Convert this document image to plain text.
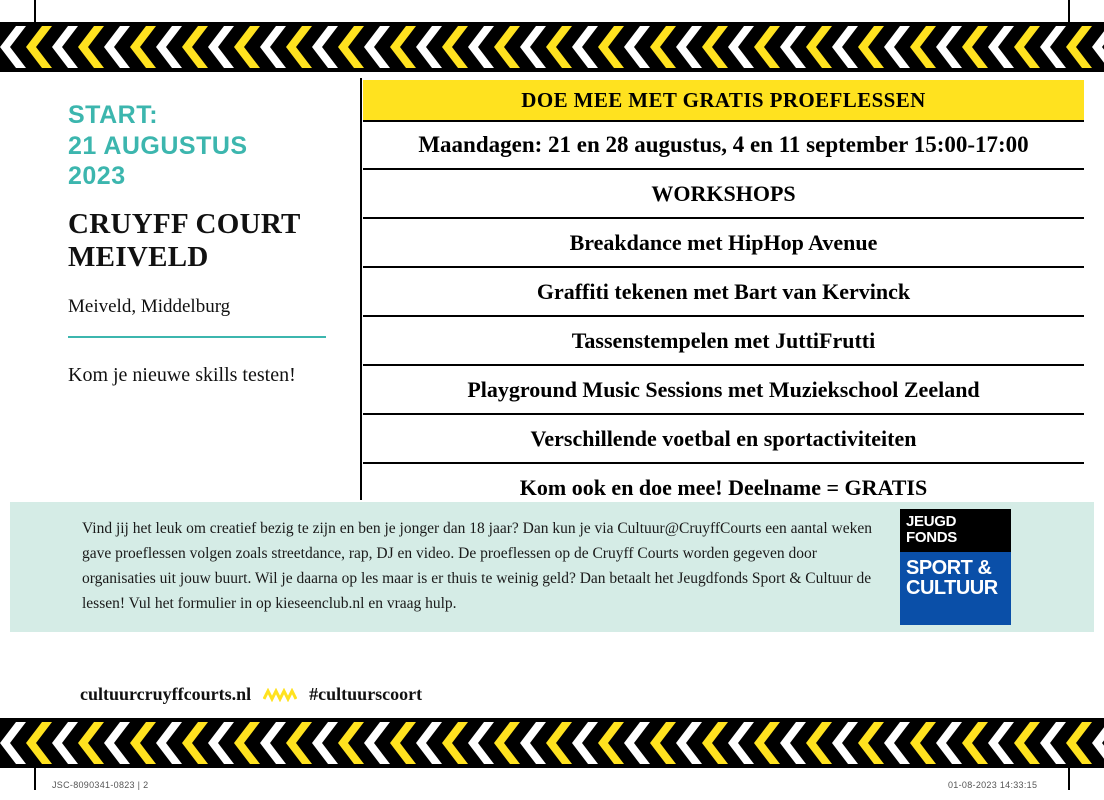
START:
21 AUGUSTUS
2023
CRUYFF COURT
MEIVELD
Meiveld, Middelburg
Kom je nieuwe skills testen!
DOE MEE MET GRATIS PROEFLESSEN
Maandagen: 21 en 28 augustus, 4 en 11 september 15:00-17:00
WORKSHOPS
Breakdance met HipHop Avenue
Graffiti tekenen met Bart van Kervinck
Tassenstempelen met JuttiFrutti
Playground Music Sessions met Muziekschool Zeeland
Verschillende voetbal en sportactiviteiten
Kom ook en doe mee! Deelname = GRATIS
Vind jij het leuk om creatief bezig te zijn en ben je jonger dan 18 jaar? Dan kun je via Cultuur@CruyffCourts een aantal weken gave proeflessen volgen zoals streetdance, rap, DJ en video. De proeflessen op de Cruyff Courts worden gegeven door organisaties uit jouw buurt. Wil je daarna op les maar is er thuis te weinig geld? Dan betaalt het Jeugdfonds Sport & Cultuur de lessen! Vul het formulier in op kieseenclub.nl en vraag hulp.
JEUGD
FONDS
SPORT &
CULTUUR
cultuurcruyffcourts.nl	#cultuurscoort
JSC-8090341-0823 | 2	01-08-2023 14:33:15
